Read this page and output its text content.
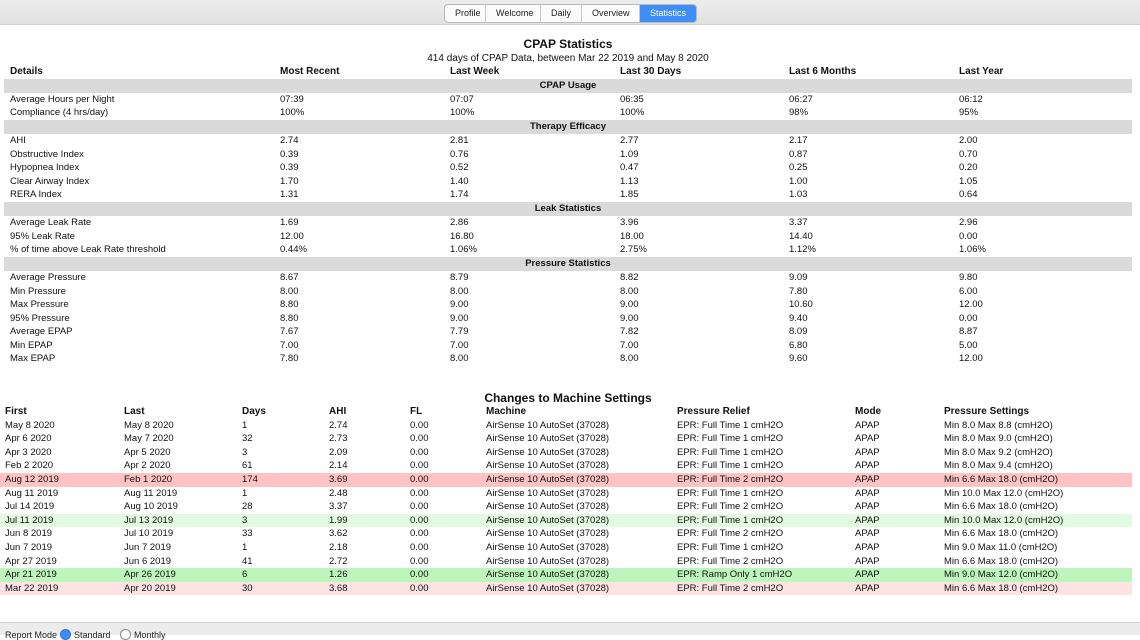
Profile	Welcome	Daily	Overview	Statistics
CPAP Statistics
414 days of CPAP Data, between Mar 22 2019 and May 8 2020
Details	Most Recent	Last Week	Last 30 Days	Last 6 Months	Last Year

CPAP Usage					
Average Hours per Night	07:39	07:07	06:35	06:27	06:12
Compliance (4 hrs/day)	100%	100%	100%	98%	95%

Therapy Efficacy					
AHI	2.74	2.81	2.77	2.17	2.00
Obstructive Index	0.39	0.76	1.09	0.87	0.70
Hypopnea Index	0.39	0.52	0.47	0.25	0.20
Clear Airway Index	1.70	1.40	1.13	1.00	1.05
RERA Index	1.31	1.74	1.85	1.03	0.64

Leak Statistics					
Average Leak Rate	1.69	2.86	3.96	3.37	2.96
95% Leak Rate	12.00	16.80	18.00	14.40	0.00
% of time above Leak Rate threshold	0.44%	1.06%	2.75%	1.12%	1.06%

Pressure Statistics					
Average Pressure	8.67	8.79	8.82	9.09	9.80
Min Pressure	8.00	8.00	8.00	7.80	6.00
Max Pressure	8.80	9.00	9.00	10.60	12.00
95% Pressure	8.80	9.00	9.00	9.40	0.00
Average EPAP	7.67	7.79	7.82	8.09	8.87
Min EPAP	7.00	7.00	7.00	6.80	5.00
Max EPAP	7.80	8.00	8.00	9.60	12.00
Changes to Machine Settings
First	Last	Days	AHI	FL	Machine	Pressure Relief	Mode	Pressure Settings
May 8 2020	May 8 2020	1	2.74	0.00	AirSense 10 AutoSet (37028)	EPR: Full Time 1 cmH2O	APAP	Min 8.0 Max 8.8 (cmH2O)
Apr 6 2020	May 7 2020	32	2.73	0.00	AirSense 10 AutoSet (37028)	EPR: Full Time 1 cmH2O	APAP	Min 8.0 Max 9.0 (cmH2O)
Apr 3 2020	Apr 5 2020	3	2.09	0.00	AirSense 10 AutoSet (37028)	EPR: Full Time 1 cmH2O	APAP	Min 8.0 Max 9.2 (cmH2O)
Feb 2 2020	Apr 2 2020	61	2.14	0.00	AirSense 10 AutoSet (37028)	EPR: Full Time 1 cmH2O	APAP	Min 8.0 Max 9.4 (cmH2O)
Aug 12 2019	Feb 1 2020	174	3.69	0.00	AirSense 10 AutoSet (37028)	EPR: Full Time 2 cmH2O	APAP	Min 6.6 Max 18.0 (cmH2O)
Aug 11 2019	Aug 11 2019	1	2.48	0.00	AirSense 10 AutoSet (37028)	EPR: Full Time 1 cmH2O	APAP	Min 10.0 Max 12.0 (cmH2O)
Jul 14 2019	Aug 10 2019	28	3.37	0.00	AirSense 10 AutoSet (37028)	EPR: Full Time 2 cmH2O	APAP	Min 6.6 Max 18.0 (cmH2O)
Jul 11 2019	Jul 13 2019	3	1.99	0.00	AirSense 10 AutoSet (37028)	EPR: Full Time 1 cmH2O	APAP	Min 10.0 Max 12.0 (cmH2O)
Jun 8 2019	Jul 10 2019	33	3.62	0.00	AirSense 10 AutoSet (37028)	EPR: Full Time 2 cmH2O	APAP	Min 6.6 Max 18.0 (cmH2O)
Jun 7 2019	Jun 7 2019	1	2.18	0.00	AirSense 10 AutoSet (37028)	EPR: Full Time 1 cmH2O	APAP	Min 9.0 Max 11.0 (cmH2O)
Apr 27 2019	Jun 6 2019	41	2.72	0.00	AirSense 10 AutoSet (37028)	EPR: Full Time 2 cmH2O	APAP	Min 6.6 Max 18.0 (cmH2O)
Apr 21 2019	Apr 26 2019	6	1.26	0.00	AirSense 10 AutoSet (37028)	EPR: Ramp Only 1 cmH2O	APAP	Min 9.0 Max 12.0 (cmH2O)
Mar 22 2019	Apr 20 2019	30	3.68	0.00	AirSense 10 AutoSet (37028)	EPR: Full Time 2 cmH2O	APAP	Min 6.6 Max 18.0 (cmH2O)
Report Mode Standard	Monthly
